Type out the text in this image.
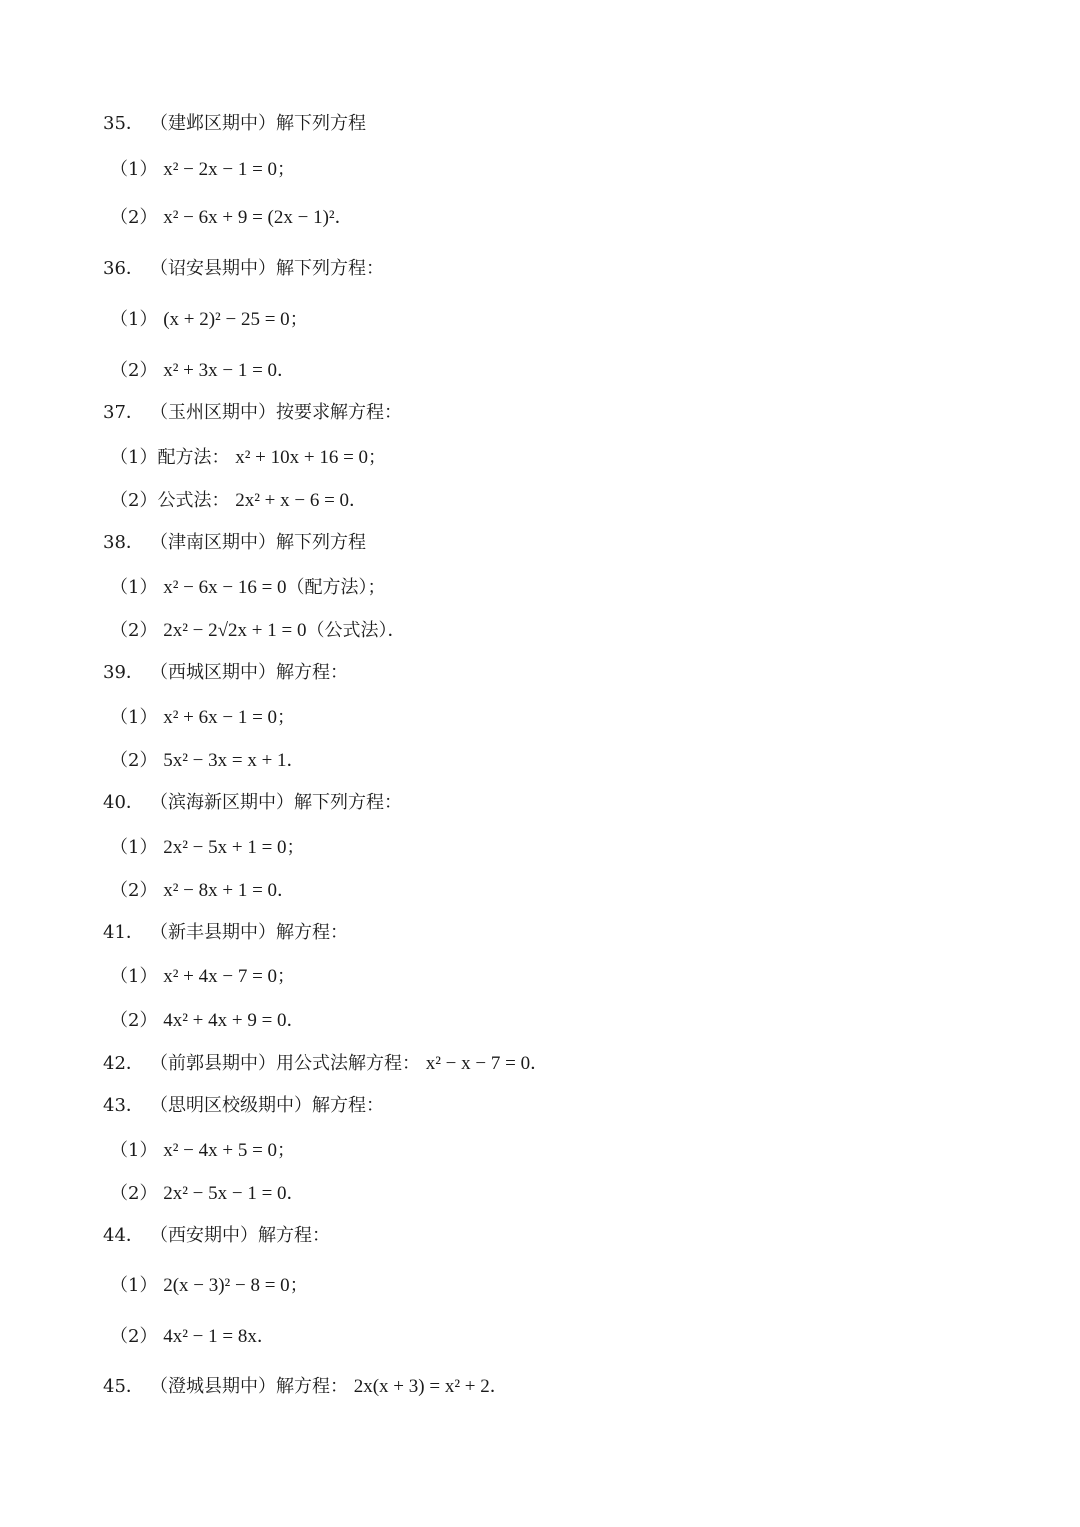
35． （建邺区期中）解下列方程
（1） x² − 2x − 1 = 0；
（2） x² − 6x + 9 = (2x − 1)²．
36． （诏安县期中）解下列方程：
（1） (x + 2)² − 25 = 0；
（2） x² + 3x − 1 = 0．
37． （玉州区期中）按要求解方程：
（1）配方法： x² + 10x + 16 = 0；
（2）公式法： 2x² + x − 6 = 0．
38． （津南区期中）解下列方程
（1） x² − 6x − 16 = 0（配方法）；
（2） 2x² − 2√2x + 1 = 0（公式法）．
39． （西城区期中）解方程：
（1） x² + 6x − 1 = 0；
（2） 5x² − 3x = x + 1．
40． （滨海新区期中）解下列方程：
（1） 2x² − 5x + 1 = 0；
（2） x² − 8x + 1 = 0．
41． （新丰县期中）解方程：
（1） x² + 4x − 7 = 0；
（2） 4x² + 4x + 9 = 0．
42． （前郭县期中）用公式法解方程： x² − x − 7 = 0．
43． （思明区校级期中）解方程：
（1） x² − 4x + 5 = 0；
（2） 2x² − 5x − 1 = 0．
44． （西安期中）解方程：
（1） 2(x − 3)² − 8 = 0；
（2） 4x² − 1 = 8x．
45． （澄城县期中）解方程： 2x(x + 3) = x² + 2．
